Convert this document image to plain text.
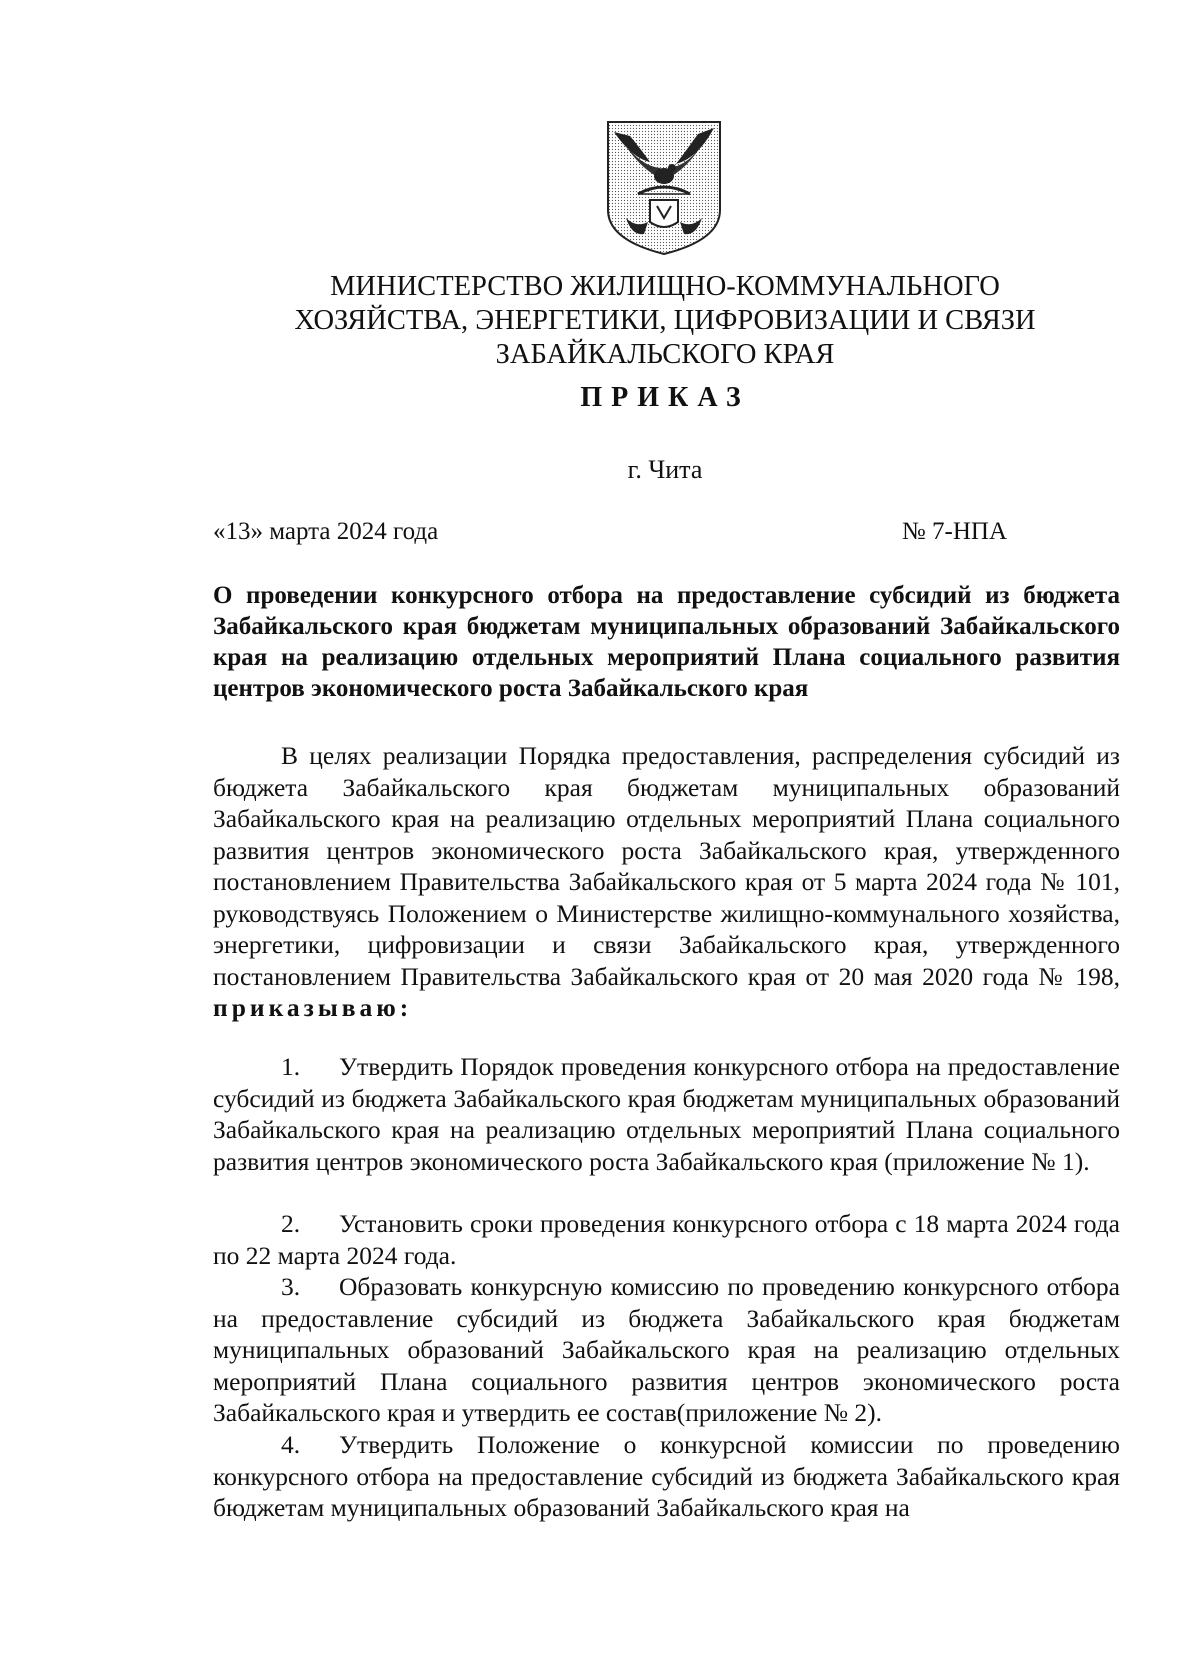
МИНИСТЕРСТВО ЖИЛИЩНО-КОММУНАЛЬНОГО
ХОЗЯЙСТВА, ЭНЕРГЕТИКИ, ЦИФРОВИЗАЦИИ И СВЯЗИ
ЗАБАЙКАЛЬСКОГО КРАЯ
ПРИКАЗ
г. Чита
«13» марта 2024 года	№ 7-НПА
О проведении конкурсного отбора на предоставление субсидий из бюджета Забайкальского края бюджетам муниципальных образований Забайкальского края на реализацию отдельных мероприятий Плана социального развития центров экономического роста Забайкальского края
В целях реализации Порядка предоставления, распределения субсидий из бюджета Забайкальского края бюджетам муниципальных образований Забайкальского края на реализацию отдельных мероприятий Плана социального развития центров экономического роста Забайкальского края, утвержденного постановлением Правительства Забайкальского края от 5 марта 2024 года № 101, руководствуясь Положением о Министерстве жилищно-коммунального хозяйства, энергетики, цифровизации и связи Забайкальского края, утвержденного постановлением Правительства Забайкальского края от 20 мая 2020 года № 198, приказываю:
1. Утвердить Порядок проведения конкурсного отбора на предоставление субсидий из бюджета Забайкальского края бюджетам муниципальных образований Забайкальского края на реализацию отдельных мероприятий Плана социального развития центров экономического роста Забайкальского края (приложение № 1).
2. Установить сроки проведения конкурсного отбора с 18 марта 2024 года по 22 марта 2024 года.
3. Образовать конкурсную комиссию по проведению конкурсного отбора на предоставление субсидий из бюджета Забайкальского края бюджетам муниципальных образований Забайкальского края на реализацию отдельных мероприятий Плана социального развития центров экономического роста Забайкальского края и утвердить ее состав(приложение № 2).
4. Утвердить Положение о конкурсной комиссии по проведению конкурсного отбора на предоставление субсидий из бюджета Забайкальского края бюджетам муниципальных образований Забайкальского края на
